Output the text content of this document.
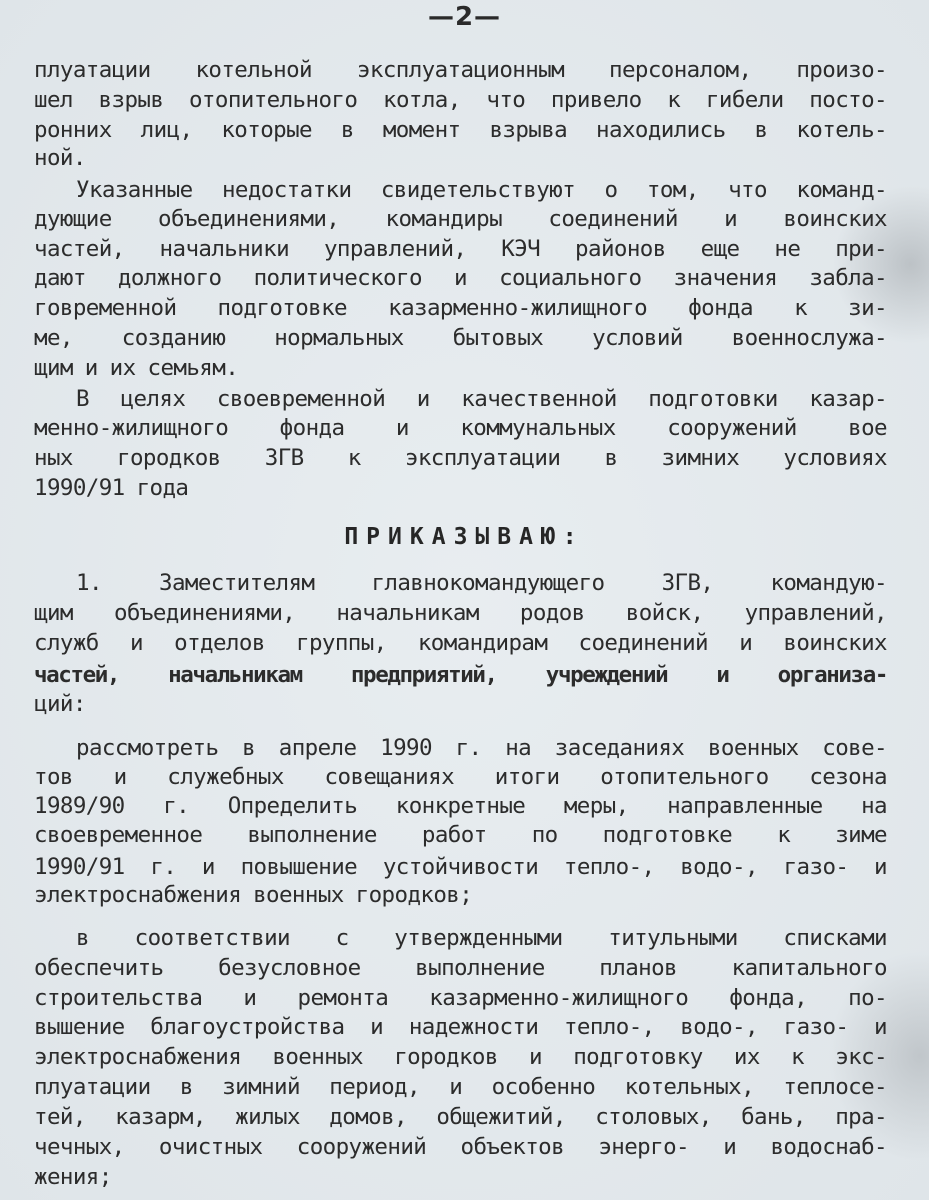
—2—
плуатации котельной эксплуатационным персоналом, произо-
шел взрыв отопительного котла, что привело к гибели посто-
ронних лиц, которые в момент взрыва находились в котель-
ной.
Указанные недостатки свидетельствуют о том, что команд-
дующие объединениями, командиры соединений и воинских
частей, начальники управлений, КЭЧ районов еще не при-
дают должного политического и социального значения забла-
говременной подготовке казарменно-жилищного фонда к зи-
ме, созданию нормальных бытовых условий военнослужа-
щим и их семьям.
В целях своевременной и качественной подготовки казар-
менно-жилищного фонда и коммунальных сооружений вое
ных городков ЗГВ к эксплуатации в зимних условиях
1990/91 года
ПРИКАЗЫВАЮ:
1. Заместителям главнокомандующего ЗГВ, командую-
щим объединениями, начальникам родов войск, управлений,
служб и отделов группы, командирам соединений и воинских
частей, начальникам предприятий, учреждений и организа-
ций:
рассмотреть в апреле 1990 г. на заседаниях военных сове-
тов и служебных совещаниях итоги отопительного сезона
1989/90 г. Определить конкретные меры, направленные на
своевременное выполнение работ по подготовке к зиме
1990/91 г. и повышение устойчивости тепло-, водо-, газо- и
электроснабжения военных городков;
в соответствии с утвержденными титульными списками
обеспечить безусловное выполнение планов капитального
строительства и ремонта казарменно-жилищного фонда, по-
вышение благоустройства и надежности тепло-, водо-, газо- и
электроснабжения военных городков и подготовку их к экс-
плуатации в зимний период, и особенно котельных, теплосе-
тей, казарм, жилых домов, общежитий, столовых, бань, пра-
чечных, очистных сооружений объектов энерго- и водоснаб-
жения;
